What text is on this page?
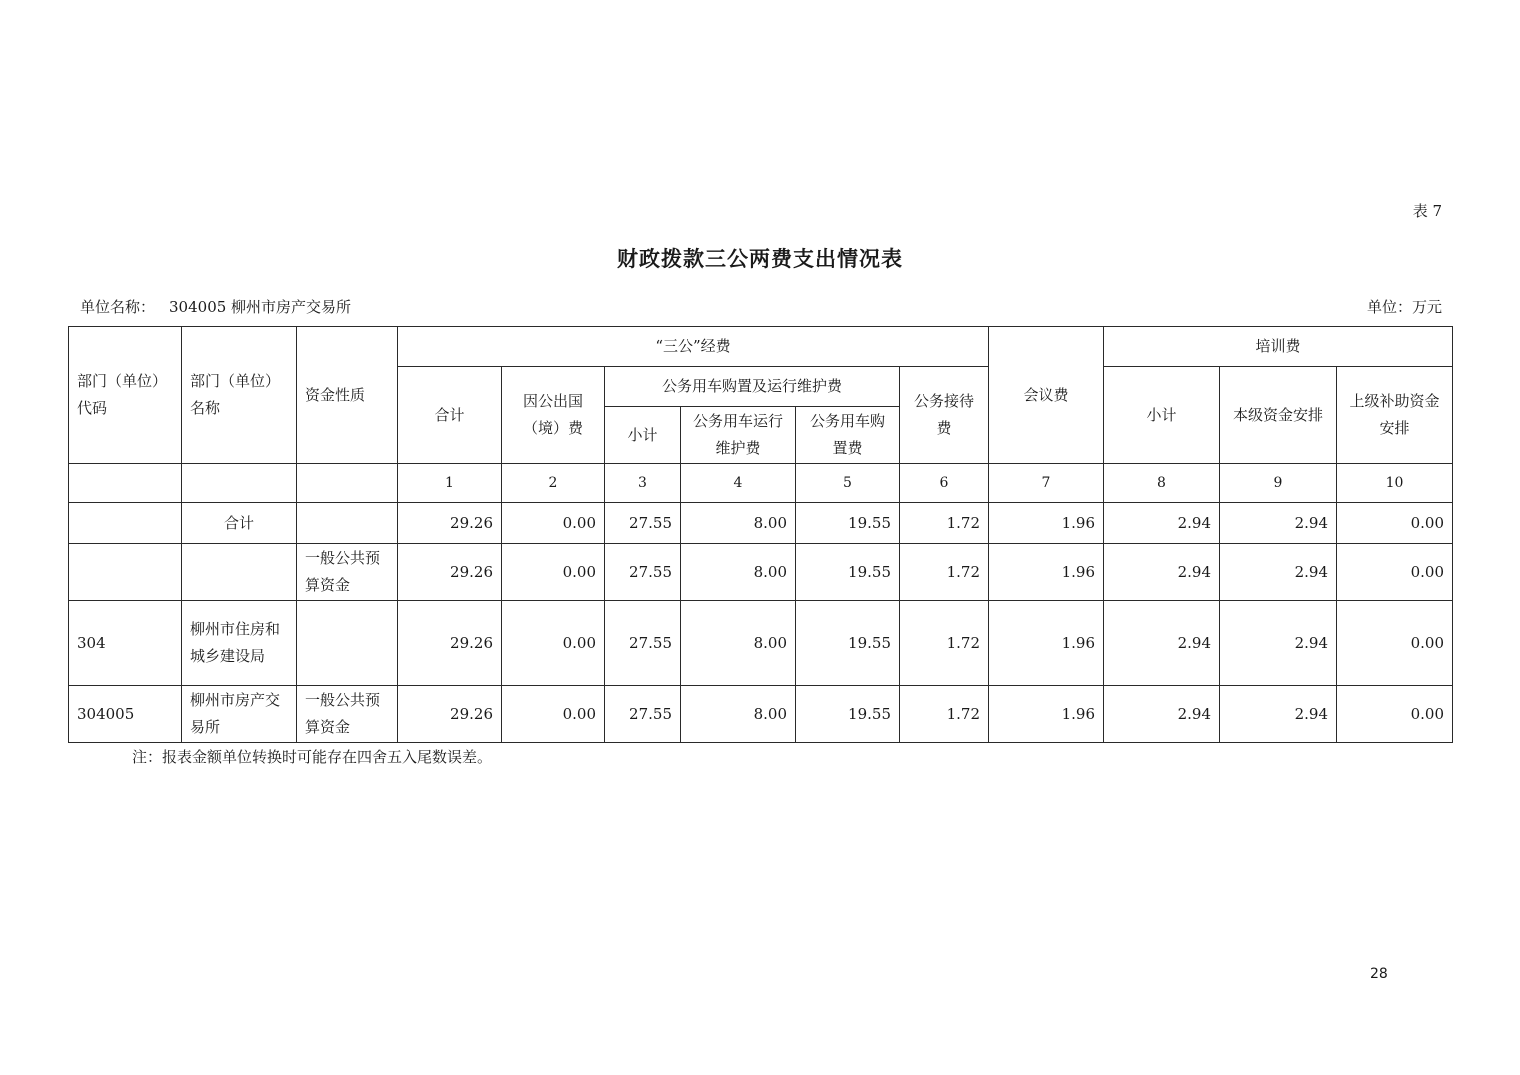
表 7
财政拨款三公两费支出情况表
单位名称： 304005 柳州市房产交易所	单位：万元
部门（单位）代码	部门（单位）名称	资金性质	“三公”经费						会议费	培训费		
			合计	因公出国（境）费	公务用车购置及运行维护费			公务接待费		小计	本级资金安排	上级补助资金安排
					小计	公务用车运行维护费	公务用车购置费					
			1	2	3	4	5	6	7	8	9	10
	合计		29.26	0.00	27.55	8.00	19.55	1.72	1.96	2.94	2.94	0.00
		一般公共预算资金	29.26	0.00	27.55	8.00	19.55	1.72	1.96	2.94	2.94	0.00
304	柳州市住房和城乡建设局		29.26	0.00	27.55	8.00	19.55	1.72	1.96	2.94	2.94	0.00
304005	柳州市房产交易所	一般公共预算资金	29.26	0.00	27.55	8.00	19.55	1.72	1.96	2.94	2.94	0.00
注：报表金额单位转换时可能存在四舍五入尾数误差。
28
